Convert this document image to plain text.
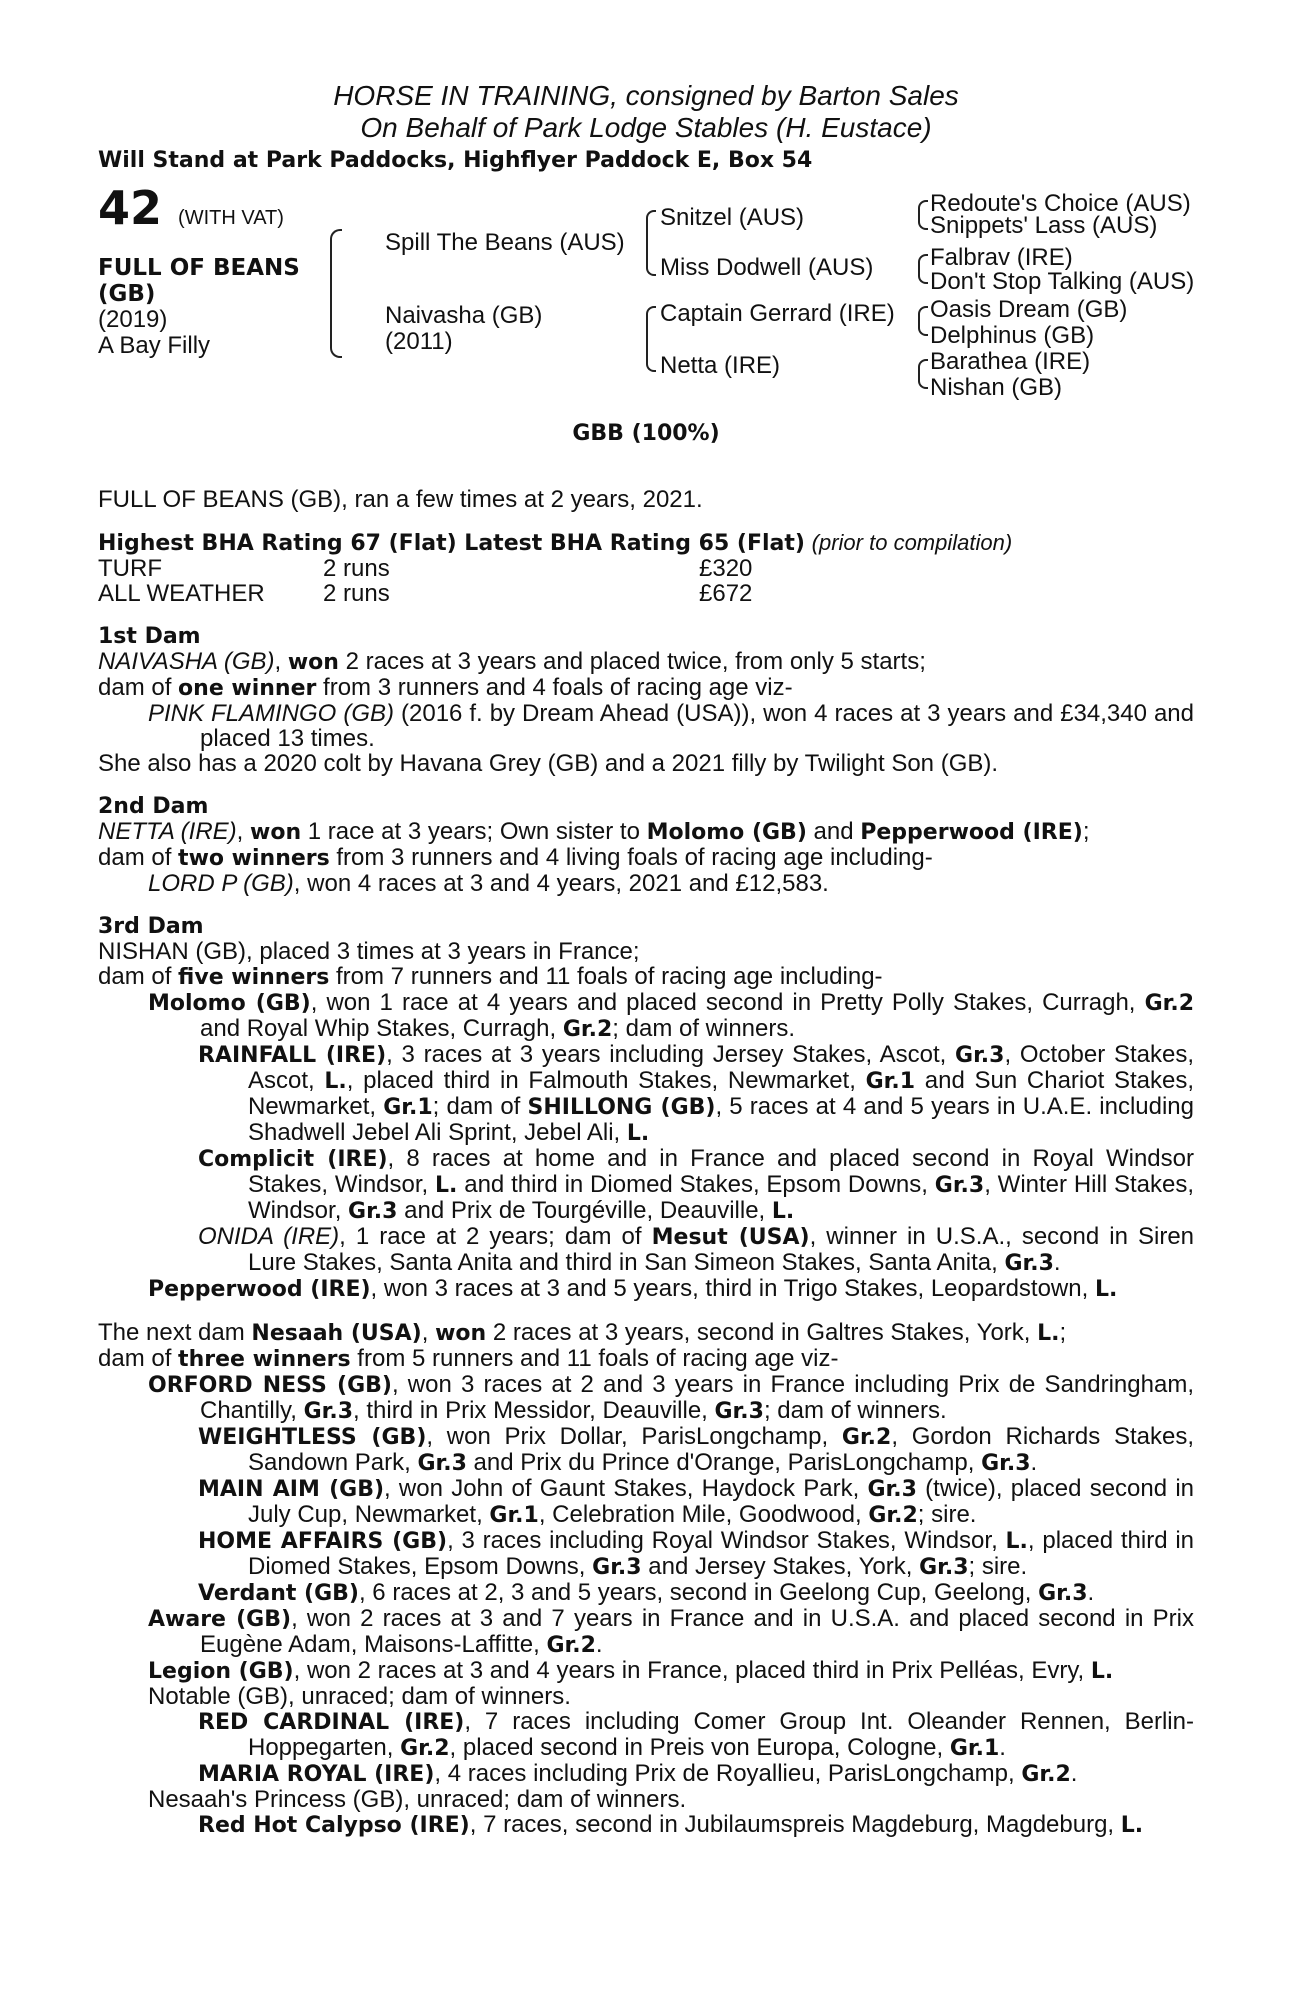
HORSE IN TRAINING, consigned by Barton Sales
On Behalf of Park Lodge Stables (H. Eustace)
Will Stand at Park Paddocks, Highflyer Paddock E, Box 54
42 (WITH VAT)
FULL OF BEANS
(GB)
(2019)
A Bay Filly
Spill The Beans (AUS)
Naivasha (GB)
(2011)
Snitzel (AUS)
Miss Dodwell (AUS)
Captain Gerrard (IRE)
Netta (IRE)
Redoute's Choice (AUS)
Snippets' Lass (AUS)
Falbrav (IRE)
Don't Stop Talking (AUS)
Oasis Dream (GB)
Delphinus (GB)
Barathea (IRE)
Nishan (GB)
GBB (100%)
FULL OF BEANS (GB), ran a few times at 2 years, 2021.
Highest BHA Rating 67 (Flat) Latest BHA Rating 65 (Flat) (prior to compilation)
TURF	2 runs	£320
ALL WEATHER	2 runs	£672
1st Dam
NAIVASHA (GB), won 2 races at 3 years and placed twice, from only 5 starts;
dam of one winner from 3 runners and 4 foals of racing age viz-
PINK FLAMINGO (GB) (2016 f. by Dream Ahead (USA)), won 4 races at 3 years and £34,340 and placed 13 times.
She also has a 2020 colt by Havana Grey (GB) and a 2021 filly by Twilight Son (GB).
2nd Dam
NETTA (IRE), won 1 race at 3 years; Own sister to Molomo (GB) and Pepperwood (IRE);
dam of two winners from 3 runners and 4 living foals of racing age including-
LORD P (GB), won 4 races at 3 and 4 years, 2021 and £12,583.
3rd Dam
NISHAN (GB), placed 3 times at 3 years in France;
dam of five winners from 7 runners and 11 foals of racing age including-
Molomo (GB), won 1 race at 4 years and placed second in Pretty Polly Stakes, Curragh, Gr.2 and Royal Whip Stakes, Curragh, Gr.2; dam of winners.
RAINFALL (IRE), 3 races at 3 years including Jersey Stakes, Ascot, Gr.3, October Stakes, Ascot, L., placed third in Falmouth Stakes, Newmarket, Gr.1 and Sun Chariot Stakes, Newmarket, Gr.1; dam of SHILLONG (GB), 5 races at 4 and 5 years in U.A.E. including Shadwell Jebel Ali Sprint, Jebel Ali, L.
Complicit (IRE), 8 races at home and in France and placed second in Royal Windsor Stakes, Windsor, L. and third in Diomed Stakes, Epsom Downs, Gr.3, Winter Hill Stakes, Windsor, Gr.3 and Prix de Tourgéville, Deauville, L.
ONIDA (IRE), 1 race at 2 years; dam of Mesut (USA), winner in U.S.A., second in Siren Lure Stakes, Santa Anita and third in San Simeon Stakes, Santa Anita, Gr.3.
Pepperwood (IRE), won 3 races at 3 and 5 years, third in Trigo Stakes, Leopardstown, L.
The next dam Nesaah (USA), won 2 races at 3 years, second in Galtres Stakes, York, L.;
dam of three winners from 5 runners and 11 foals of racing age viz-
ORFORD NESS (GB), won 3 races at 2 and 3 years in France including Prix de Sandringham, Chantilly, Gr.3, third in Prix Messidor, Deauville, Gr.3; dam of winners.
WEIGHTLESS (GB), won Prix Dollar, ParisLongchamp, Gr.2, Gordon Richards Stakes, Sandown Park, Gr.3 and Prix du Prince d'Orange, ParisLongchamp, Gr.3.
MAIN AIM (GB), won John of Gaunt Stakes, Haydock Park, Gr.3 (twice), placed second in July Cup, Newmarket, Gr.1, Celebration Mile, Goodwood, Gr.2; sire.
HOME AFFAIRS (GB), 3 races including Royal Windsor Stakes, Windsor, L., placed third in Diomed Stakes, Epsom Downs, Gr.3 and Jersey Stakes, York, Gr.3; sire.
Verdant (GB), 6 races at 2, 3 and 5 years, second in Geelong Cup, Geelong, Gr.3.
Aware (GB), won 2 races at 3 and 7 years in France and in U.S.A. and placed second in Prix Eugène Adam, Maisons-Laffitte, Gr.2.
Legion (GB), won 2 races at 3 and 4 years in France, placed third in Prix Pelléas, Evry, L.
Notable (GB), unraced; dam of winners.
RED CARDINAL (IRE), 7 races including Comer Group Int. Oleander Rennen, Berlin-Hoppegarten, Gr.2, placed second in Preis von Europa, Cologne, Gr.1.
MARIA ROYAL (IRE), 4 races including Prix de Royallieu, ParisLongchamp, Gr.2.
Nesaah's Princess (GB), unraced; dam of winners.
Red Hot Calypso (IRE), 7 races, second in Jubilaumspreis Magdeburg, Magdeburg, L.
